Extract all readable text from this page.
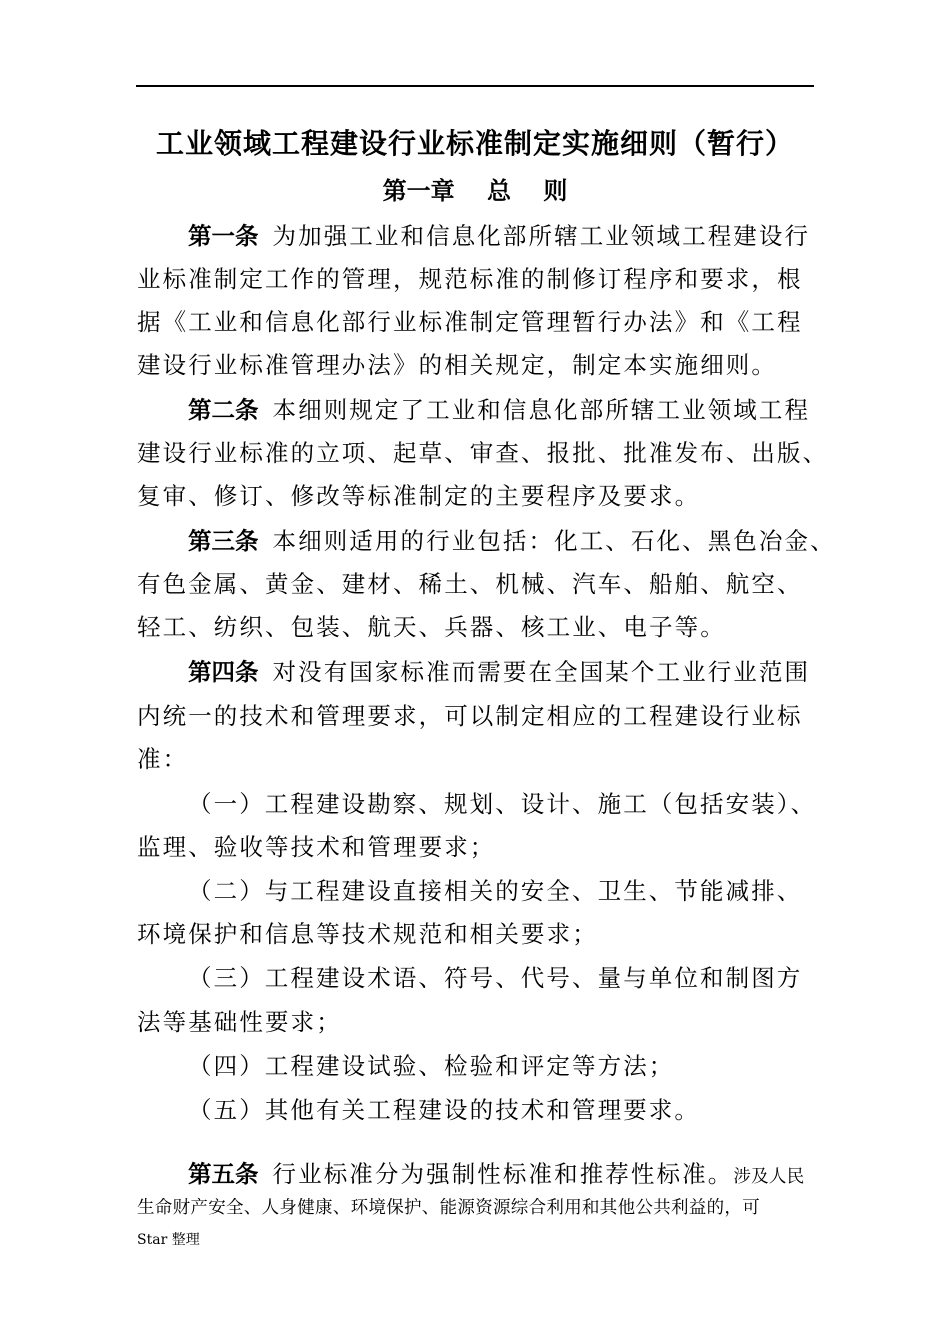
工业领域工程建设行业标准制定实施细则（暂行）
第一章　 总　 则
第一条 为加强工业和信息化部所辖工业领域工程建设行
业标准制定工作的管理，规范标准的制修订程序和要求，根
据《工业和信息化部行业标准制定管理暂行办法》和《工程
建设行业标准管理办法》的相关规定，制定本实施细则。
第二条 本细则规定了工业和信息化部所辖工业领域工程
建设行业标准的立项、起草、审查、报批、批准发布、出版、
复审、修订、修改等标准制定的主要程序及要求。
第三条 本细则适用的行业包括：化工、石化、黑色冶金、
有色金属、黄金、建材、稀土、机械、汽车、船舶、航空、
轻工、纺织、包装、航天、兵器、核工业、电子等。
第四条 对没有国家标准而需要在全国某个工业行业范围
内统一的技术和管理要求，可以制定相应的工程建设行业标
准：
（一）工程建设勘察、规划、设计、施工（包括安装）、
监理、验收等技术和管理要求；
（二）与工程建设直接相关的安全、卫生、节能减排、
环境保护和信息等技术规范和相关要求；
（三）工程建设术语、符号、代号、量与单位和制图方
法等基础性要求；
（四）工程建设试验、检验和评定等方法；
（五）其他有关工程建设的技术和管理要求。
第五条 行业标准分为强制性标准和推荐性标准。涉及人民
生命财产安全、人身健康、环境保护、能源资源综合利用和其他公共利益的，可
Star 整理
